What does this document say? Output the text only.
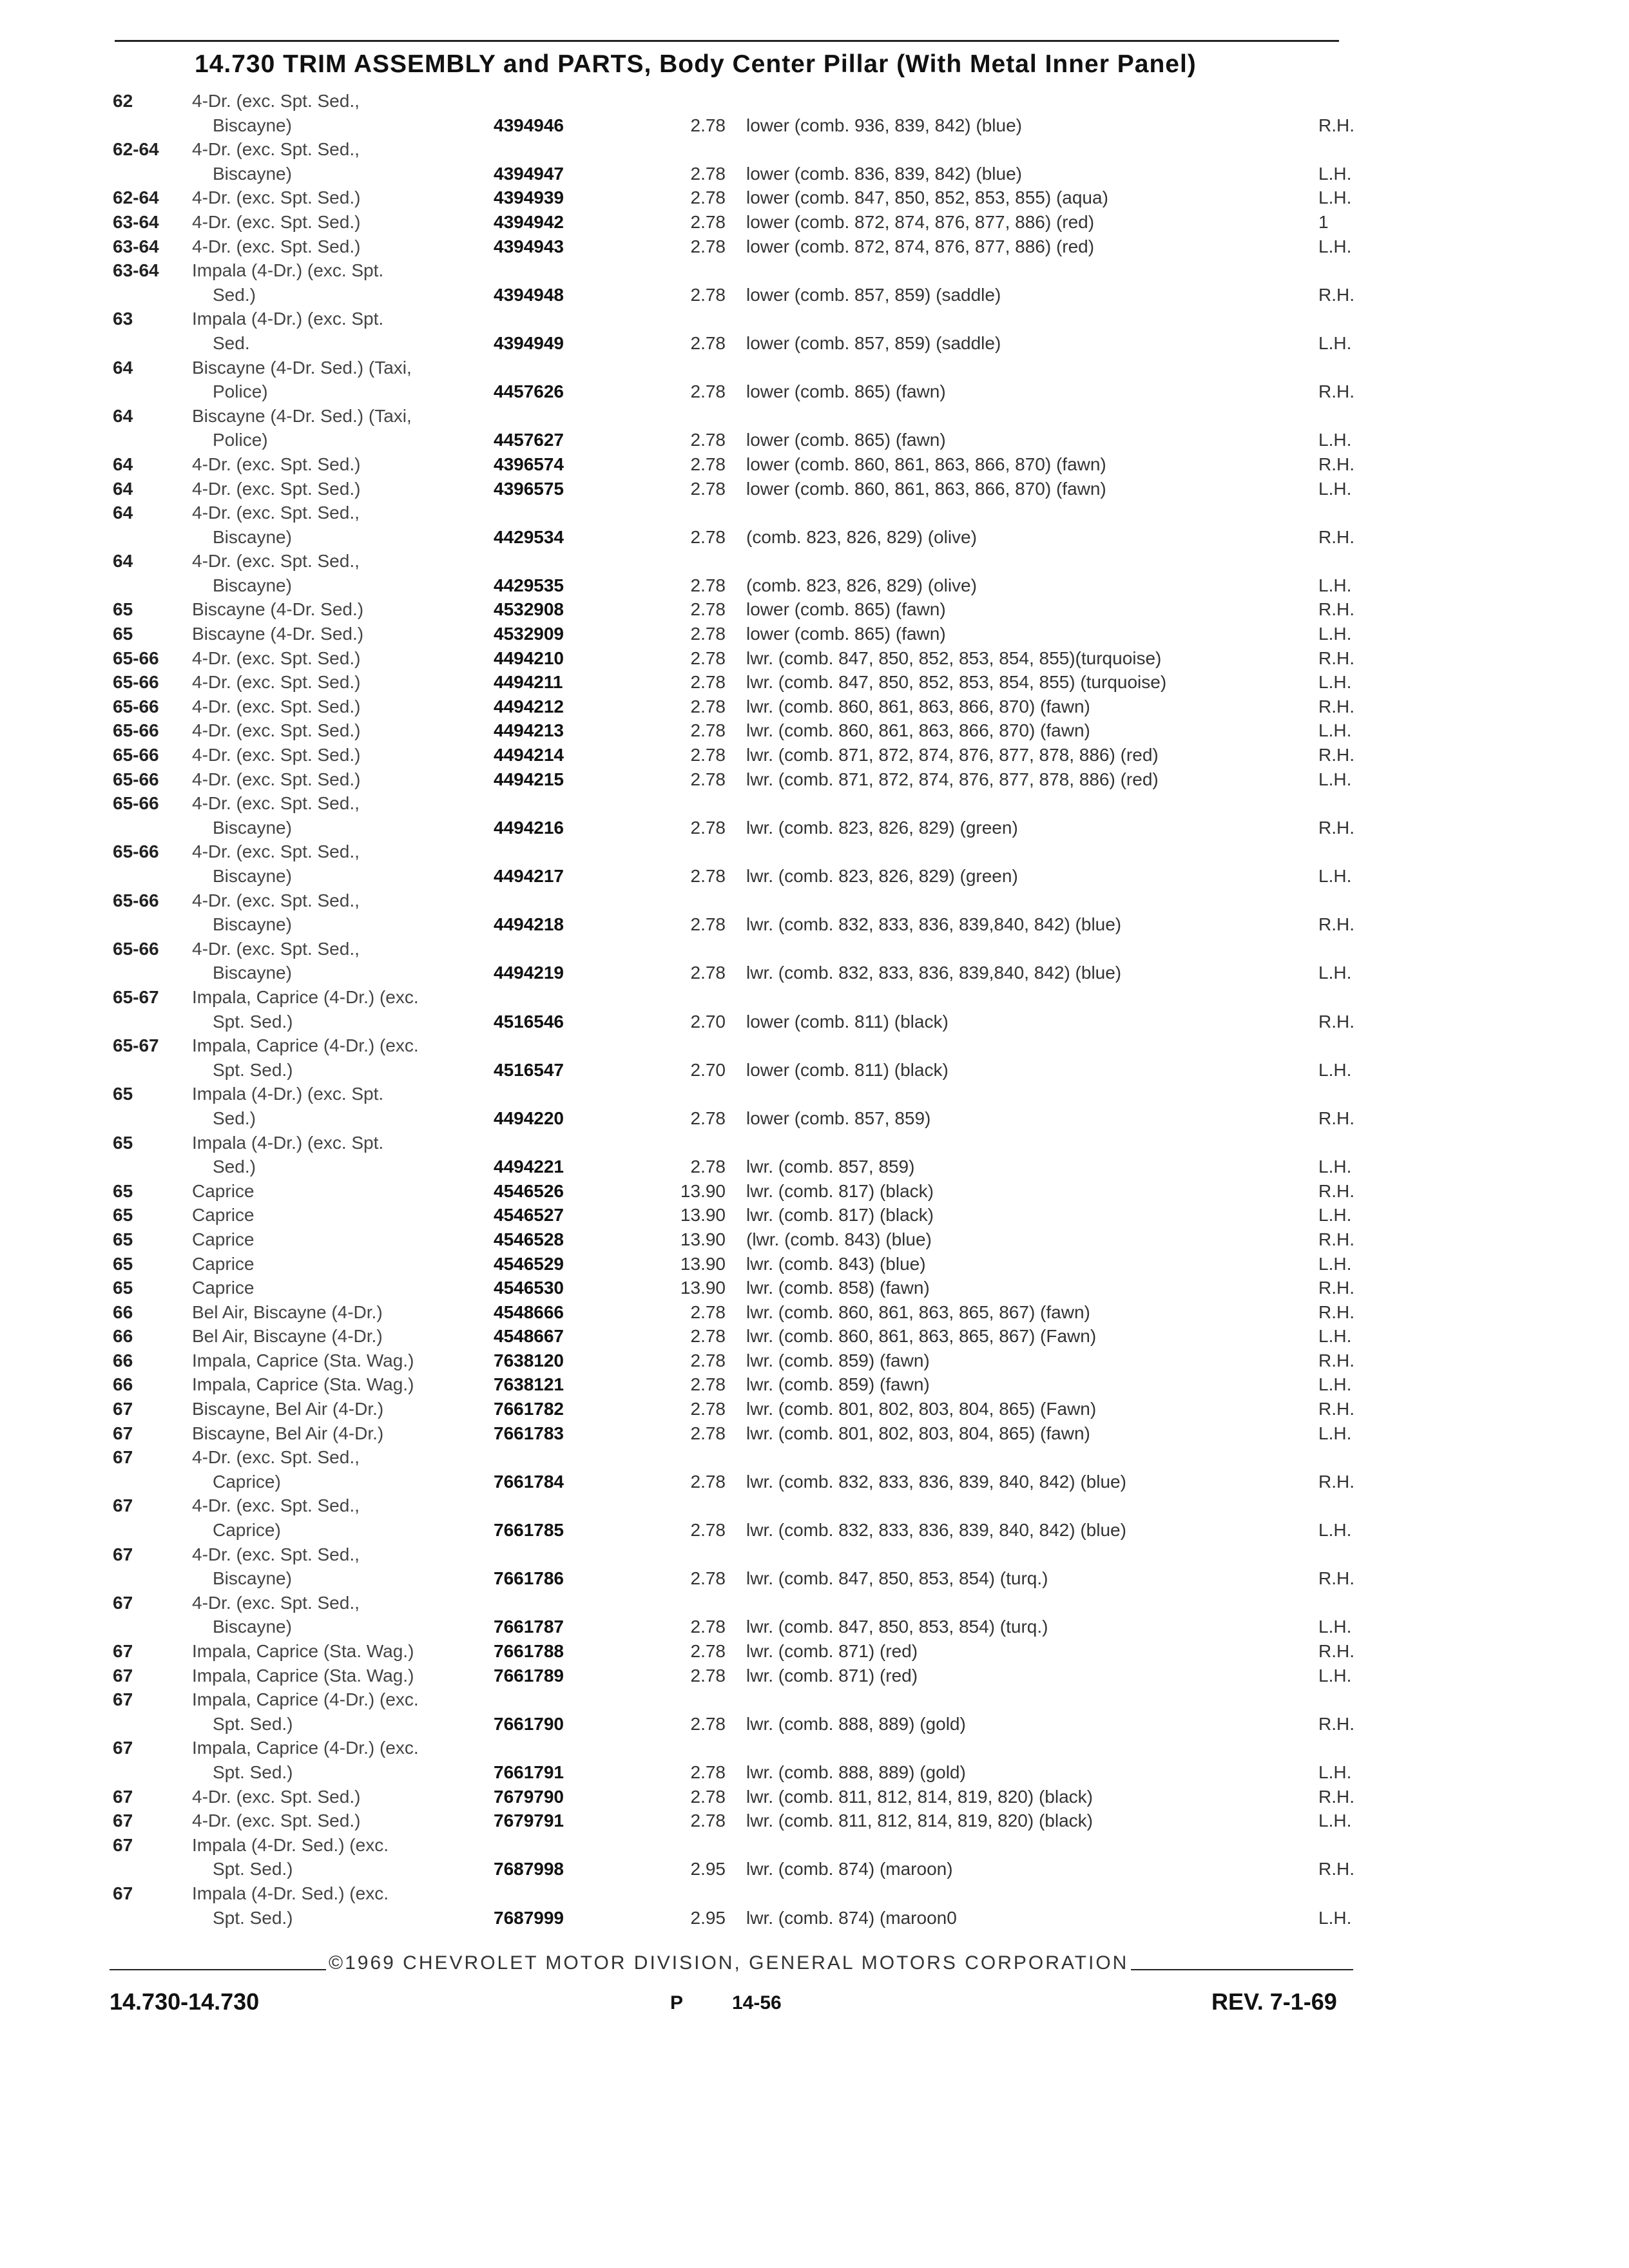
14.730 TRIM ASSEMBLY and PARTS, Body Center Pillar (With Metal Inner Panel)
62	4-Dr. (exc. Spt. Sed.,
Biscayne)	4394946	2.78 lower (comb. 936, 839, 842) (blue)	R.H.
62-64 4-Dr. (exc. Spt. Sed.,
Biscayne)	4394947	2.78 lower (comb. 836, 839, 842) (blue)	L.H.
62-64 4-Dr. (exc. Spt. Sed.)	4394939	2.78 lower (comb. 847, 850, 852, 853, 855) (aqua)	L.H.
63-64 4-Dr. (exc. Spt. Sed.)	4394942	2.78 lower (comb. 872, 874, 876, 877, 886) (red)	1
63-64 4-Dr. (exc. Spt. Sed.)	4394943	2.78 lower (comb. 872, 874, 876, 877, 886) (red)	L.H.
63-64 Impala (4-Dr.) (exc. Spt.
Sed.)	4394948	2.78 lower (comb. 857, 859) (saddle)	R.H.
63	Impala (4-Dr.) (exc. Spt.
Sed.	4394949	2.78 lower (comb. 857, 859) (saddle)	L.H.
64	Biscayne (4-Dr. Sed.) (Taxi,
Police)	4457626	2.78 lower (comb. 865) (fawn)	R.H.
64	Biscayne (4-Dr. Sed.) (Taxi,
Police)	4457627	2.78 lower (comb. 865) (fawn)	L.H.
64	4-Dr. (exc. Spt. Sed.)	4396574	2.78 lower (comb. 860, 861, 863, 866, 870) (fawn)	R.H.
64	4-Dr. (exc. Spt. Sed.)	4396575	2.78 lower (comb. 860, 861, 863, 866, 870) (fawn)	L.H.
64	4-Dr. (exc. Spt. Sed.,
Biscayne)	4429534	2.78 (comb. 823, 826, 829) (olive)	R.H.
64	4-Dr. (exc. Spt. Sed.,
Biscayne)	4429535	2.78 (comb. 823, 826, 829) (olive)	L.H.
65	Biscayne (4-Dr. Sed.)	4532908	2.78 lower (comb. 865) (fawn)	R.H.
65	Biscayne (4-Dr. Sed.)	4532909	2.78 lower (comb. 865) (fawn)	L.H.
65-66 4-Dr. (exc. Spt. Sed.)	4494210	2.78 lwr. (comb. 847, 850, 852, 853, 854, 855)(turquoise)	R.H.
65-66 4-Dr. (exc. Spt. Sed.)	4494211	2.78 lwr. (comb. 847, 850, 852, 853, 854, 855) (turquoise)	L.H.
65-66 4-Dr. (exc. Spt. Sed.)	4494212	2.78 lwr. (comb. 860, 861, 863, 866, 870) (fawn)	R.H.
65-66 4-Dr. (exc. Spt. Sed.)	4494213	2.78 lwr. (comb. 860, 861, 863, 866, 870) (fawn)	L.H.
65-66 4-Dr. (exc. Spt. Sed.)	4494214	2.78 lwr. (comb. 871, 872, 874, 876, 877, 878, 886) (red)	R.H.
65-66 4-Dr. (exc. Spt. Sed.)	4494215	2.78 lwr. (comb. 871, 872, 874, 876, 877, 878, 886) (red)	L.H.
65-66 4-Dr. (exc. Spt. Sed.,
Biscayne)	4494216	2.78 lwr. (comb. 823, 826, 829) (green)	R.H.
65-66 4-Dr. (exc. Spt. Sed.,
Biscayne)	4494217	2.78 lwr. (comb. 823, 826, 829) (green)	L.H.
65-66 4-Dr. (exc. Spt. Sed.,
Biscayne)	4494218	2.78 lwr. (comb. 832, 833, 836, 839,840, 842) (blue)	R.H.
65-66 4-Dr. (exc. Spt. Sed.,
Biscayne)	4494219	2.78 lwr. (comb. 832, 833, 836, 839,840, 842) (blue)	L.H.
65-67 Impala, Caprice (4-Dr.) (exc.
Spt. Sed.)	4516546	2.70 lower (comb. 811) (black)	R.H.
65-67 Impala, Caprice (4-Dr.) (exc.
Spt. Sed.)	4516547	2.70 lower (comb. 811) (black)	L.H.
65	Impala (4-Dr.) (exc. Spt.
Sed.)	4494220	2.78 lower (comb. 857, 859)	R.H.
65	Impala (4-Dr.) (exc. Spt.
Sed.)	4494221	2.78 lwr. (comb. 857, 859)	L.H.
65	Caprice	4546526	13.90 lwr. (comb. 817) (black)	R.H.
65	Caprice	4546527	13.90 lwr. (comb. 817) (black)	L.H.
65	Caprice	4546528	13.90 (lwr. (comb. 843) (blue)	R.H.
65	Caprice	4546529	13.90 lwr. (comb. 843) (blue)	L.H.
65	Caprice	4546530	13.90 lwr. (comb. 858) (fawn)	R.H.
66	Bel Air, Biscayne (4-Dr.)	4548666	2.78 lwr. (comb. 860, 861, 863, 865, 867) (fawn)	R.H.
66	Bel Air, Biscayne (4-Dr.)	4548667	2.78 lwr. (comb. 860, 861, 863, 865, 867) (Fawn)	L.H.
66	Impala, Caprice (Sta. Wag.)	7638120	2.78 lwr. (comb. 859) (fawn)	R.H.
66	Impala, Caprice (Sta. Wag.)	7638121	2.78 lwr. (comb. 859) (fawn)	L.H.
67	Biscayne, Bel Air (4-Dr.)	7661782	2.78 lwr. (comb. 801, 802, 803, 804, 865) (Fawn)	R.H.
67	Biscayne, Bel Air (4-Dr.)	7661783	2.78 lwr. (comb. 801, 802, 803, 804, 865) (fawn)	L.H.
67	4-Dr. (exc. Spt. Sed.,
Caprice)	7661784	2.78 lwr. (comb. 832, 833, 836, 839, 840, 842) (blue)	R.H.
67	4-Dr. (exc. Spt. Sed.,
Caprice)	7661785	2.78 lwr. (comb. 832, 833, 836, 839, 840, 842) (blue)	L.H.
67	4-Dr. (exc. Spt. Sed.,
Biscayne)	7661786	2.78 lwr. (comb. 847, 850, 853, 854) (turq.)	R.H.
67	4-Dr. (exc. Spt. Sed.,
Biscayne)	7661787	2.78 lwr. (comb. 847, 850, 853, 854) (turq.)	L.H.
67	Impala, Caprice (Sta. Wag.)	7661788	2.78 lwr. (comb. 871) (red)	R.H.
67	Impala, Caprice (Sta. Wag.)	7661789	2.78 lwr. (comb. 871) (red)	L.H.
67	Impala, Caprice (4-Dr.) (exc.
Spt. Sed.)	7661790	2.78 lwr. (comb. 888, 889) (gold)	R.H.
67	Impala, Caprice (4-Dr.) (exc.
Spt. Sed.)	7661791	2.78 lwr. (comb. 888, 889) (gold)	L.H.
67	4-Dr. (exc. Spt. Sed.)	7679790	2.78 lwr. (comb. 811, 812, 814, 819, 820) (black)	R.H.
67	4-Dr. (exc. Spt. Sed.)	7679791	2.78 lwr. (comb. 811, 812, 814, 819, 820) (black)	L.H.
67	Impala (4-Dr. Sed.) (exc.
Spt. Sed.)	7687998	2.95 lwr. (comb. 874) (maroon)	R.H.
67	Impala (4-Dr. Sed.) (exc.
Spt. Sed.)	7687999	2.95 lwr. (comb. 874) (maroon0	L.H.
©1969 CHEVROLET MOTOR DIVISION, GENERAL MOTORS CORPORATION
14.730-14.730	P	14-56	REV. 7-1-69
